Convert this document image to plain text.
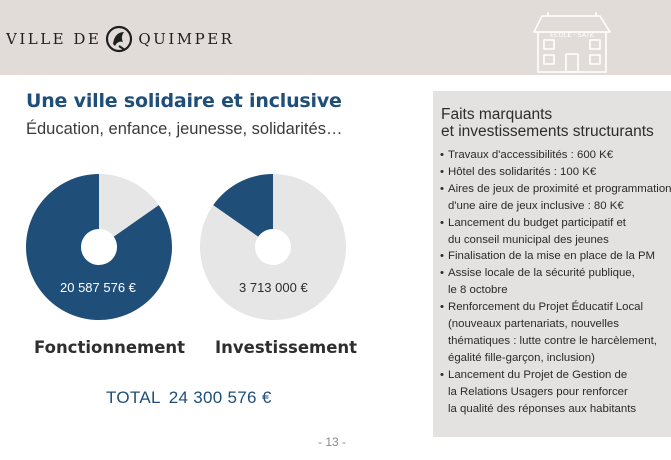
VILLE DE QUIMPER	ÉCOLE · SATK
Une ville solidaire et inclusive

Éducation, enfance, jeunesse, solidarités…

20 587 576 €
Fonctionnement
3 713 000 €
Investissement
TOTAL 24 300 576 €
Faits marquants
et investissements structurants
• Travaux d'accessibilités : 600 K€
• Hôtel des solidarités : 100 K€
• Aires de jeux de proximité et programmation
d'une aire de jeux inclusive : 80 K€
• Lancement du budget participatif et
du conseil municipal des jeunes
• Finalisation de la mise en place de la PM
• Assise locale de la sécurité publique,
le 8 octobre
• Renforcement du Projet Éducatif Local
(nouveaux partenariats, nouvelles
thématiques : lutte contre le harcèlement,
égalité fille-garçon, inclusion)
• Lancement du Projet de Gestion de
la Relations Usagers pour renforcer
la qualité des réponses aux habitants
- 13 -
